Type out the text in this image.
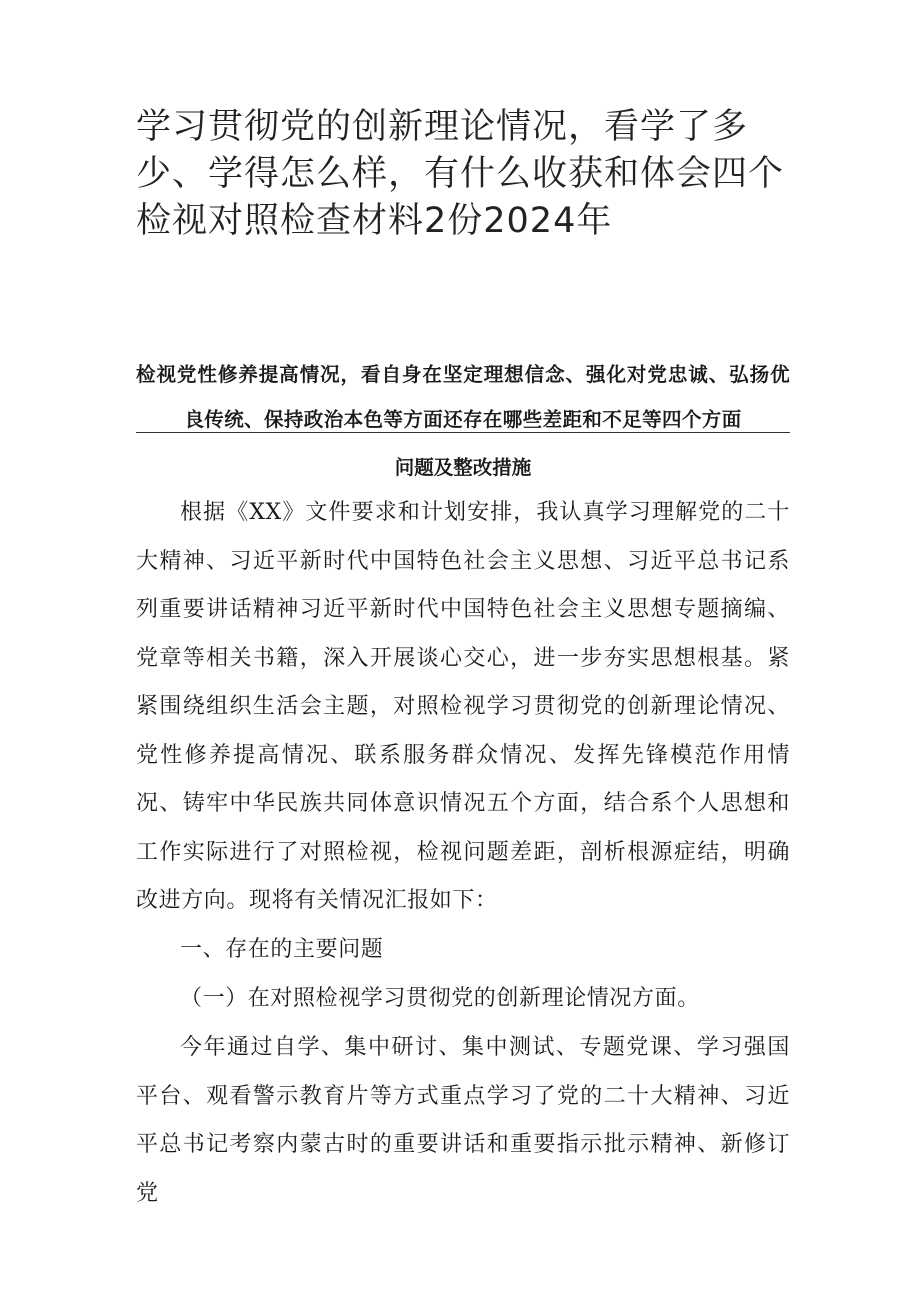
学习贯彻党的创新理论情况，看学了多少、学得怎么样，有什么收获和体会四个检视对照检查材料2份2024年
检视党性修养提高情况，看自身在坚定理想信念、强化对党忠诚、弘扬优良传统、保持政治本色等方面还存在哪些差距和不足等四个方面
问题及整改措施

根据《XX》文件要求和计划安排，我认真学习理解党的二十大精神、习近平新时代中国特色社会主义思想、习近平总书记系列重要讲话精神习近平新时代中国特色社会主义思想专题摘编、党章等相关书籍，深入开展谈心交心，进一步夯实思想根基。紧紧围绕组织生活会主题，对照检视学习贯彻党的创新理论情况、党性修养提高情况、联系服务群众情况、发挥先锋模范作用情况、铸牢中华民族共同体意识情况五个方面，结合系个人思想和工作实际进行了对照检视，检视问题差距，剖析根源症结，明确改进方向。现将有关情况汇报如下：

一、存在的主要问题

（一）在对照检视学习贯彻党的创新理论情况方面。

今年通过自学、集中研讨、集中测试、专题党课、学习强国平台、观看警示教育片等方式重点学习了党的二十大精神、习近平总书记考察内蒙古时的重要讲话和重要指示批示精神、新修订党
